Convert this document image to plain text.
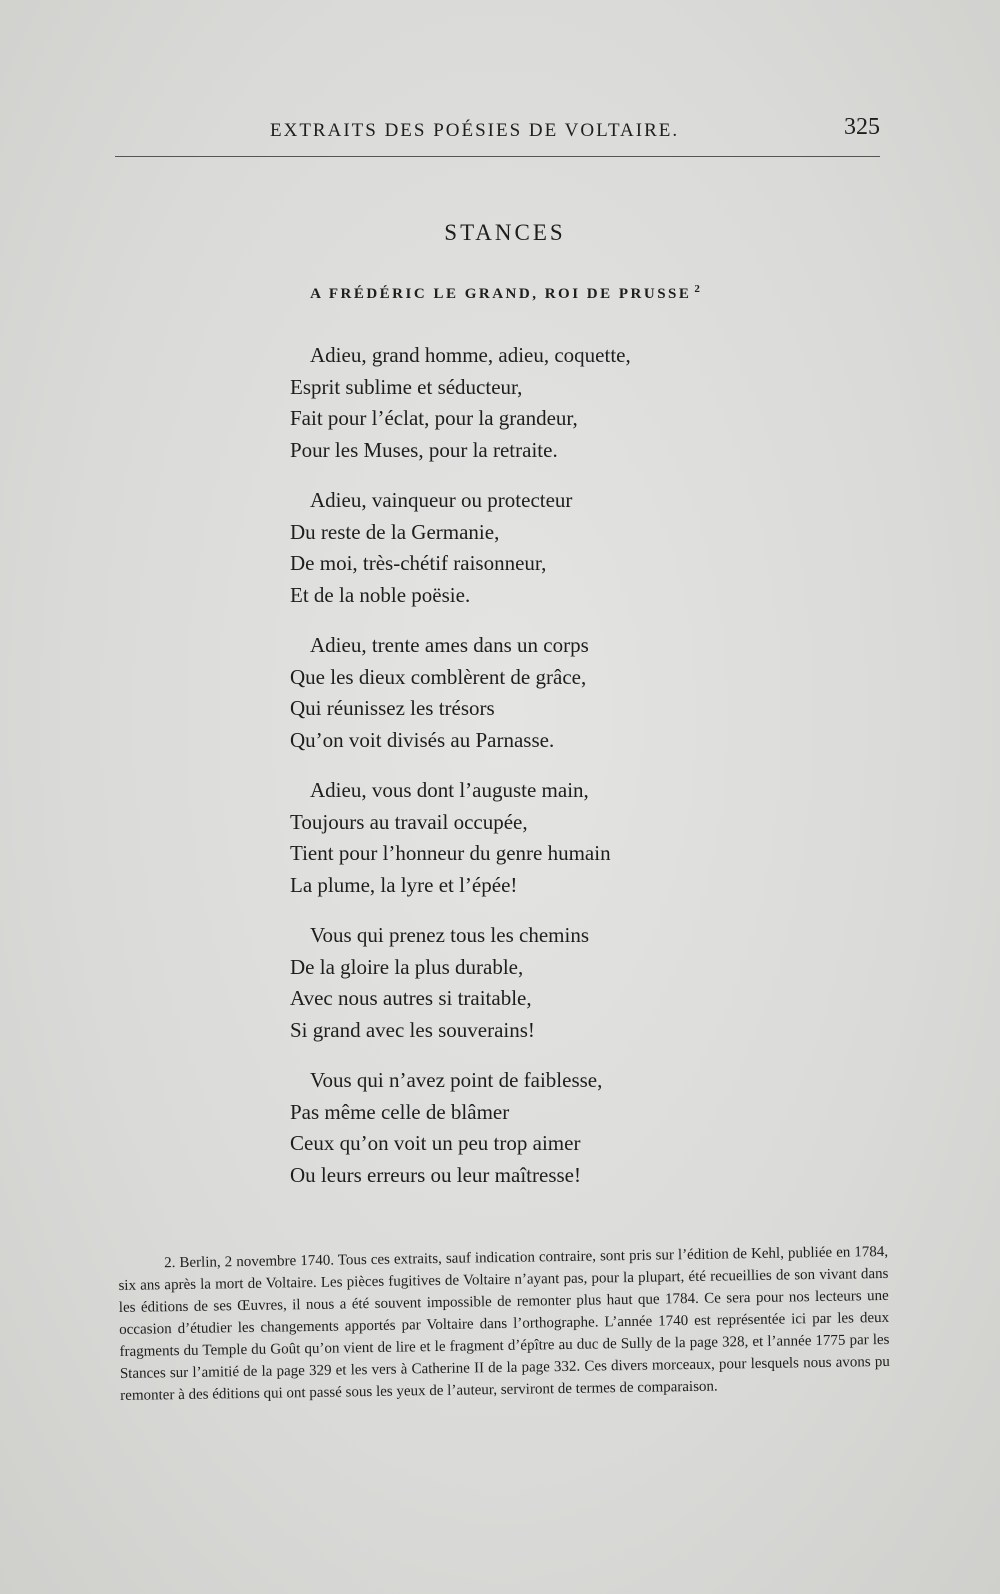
EXTRAITS DES POÉSIES DE VOLTAIRE.	325
STANCES
A FRÉDÉRIC LE GRAND, ROI DE PRUSSE $^2$
Adieu, grand homme, adieu, coquette,
Esprit sublime et séducteur,
Fait pour l’éclat, pour la grandeur,
Pour les Muses, pour la retraite.
Adieu, vainqueur ou protecteur
Du reste de la Germanie,
De moi, très-chétif raisonneur,
Et de la noble poësie.
Adieu, trente ames dans un corps
Que les dieux comblèrent de grâce,
Qui réunissez les trésors
Qu’on voit divisés au Parnasse.
Adieu, vous dont l’auguste main,
Toujours au travail occupée,
Tient pour l’honneur du genre humain
La plume, la lyre et l’épée!
Vous qui prenez tous les chemins
De la gloire la plus durable,
Avec nous autres si traitable,
Si grand avec les souverains!
Vous qui n’avez point de faiblesse,
Pas même celle de blâmer
Ceux qu’on voit un peu trop aimer
Ou leurs erreurs ou leur maîtresse!

2. Berlin, 2 novembre 1740. Tous ces extraits, sauf indication contraire, sont pris sur l’édition de Kehl, publiée en 1784, six ans après la mort de Voltaire. Les pièces fugitives de Voltaire n’ayant pas, pour la plupart, été recueillies de son vivant dans les éditions de ses Œuvres, il nous a été souvent impossible de remonter plus haut que 1784. Ce sera pour nos lecteurs une occasion d’étudier les changements apportés par Voltaire dans l’orthographe. L’année 1740 est représentée ici par les deux fragments du Temple du Goût qu’on vient de lire et le fragment d’épître au duc de Sully de la page 328, et l’année 1775 par les Stances sur l’amitié de la page 329 et les vers à Catherine II de la page 332. Ces divers morceaux, pour lesquels nous avons pu remonter à des éditions qui ont passé sous les yeux de l’auteur, serviront de termes de comparaison.
